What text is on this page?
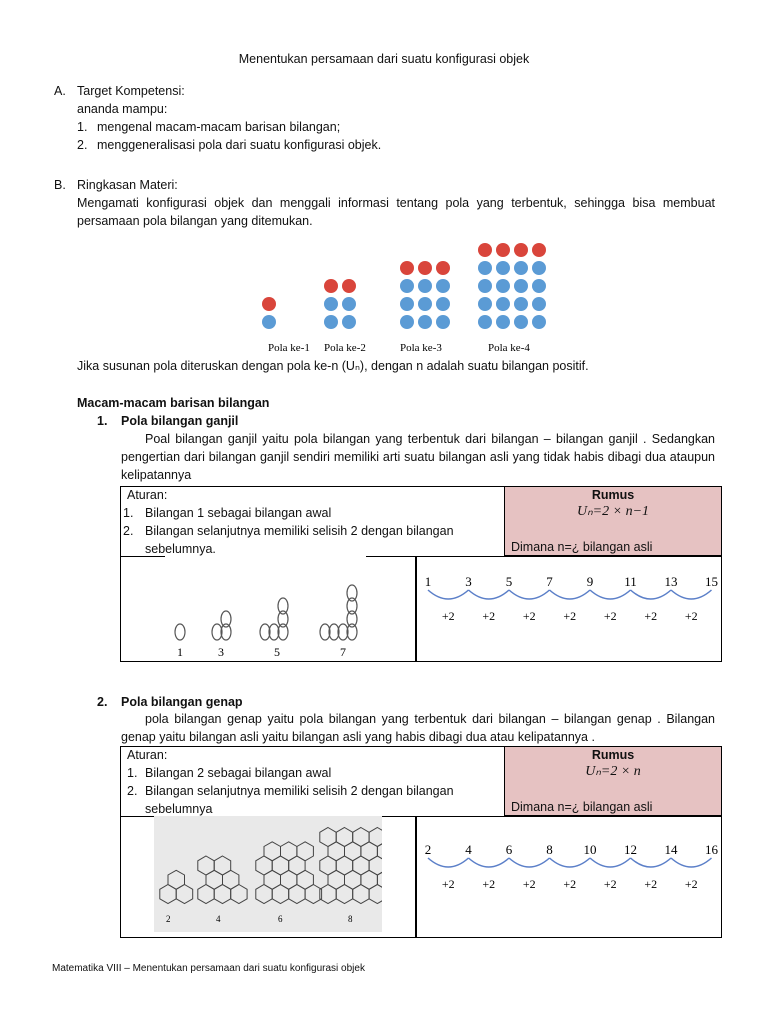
Menentukan persamaan dari suatu konfigurasi objek
A. Target Kompetensi:
ananda mampu:
1. mengenal macam-macam barisan bilangan;
2. menggeneralisasi pola dari suatu konfigurasi objek.
B. Ringkasan Materi:
Mengamati konfigurasi objek dan menggali informasi tentang pola yang terbentuk, sehingga bisa membuat persamaan pola bilangan yang ditemukan.
Pola ke-1 Pola ke-2	Pola ke-3	Pola ke-4
Jika susunan pola diteruskan dengan pola ke-n (Uₙ), dengan n adalah suatu bilangan positif.
Macam-macam barisan bilangan
1. Pola bilangan ganjil
Poal bilangan ganjil yaitu pola bilangan yang terbentuk dari bilangan – bilangan ganjil . Sedangkan pengertian dari bilangan ganjil sendiri memiliki arti suatu bilangan asli yang tidak habis dibagi dua ataupun kelipatannya
Aturan:
1. Bilangan 1 sebagai bilangan awal
2. Bilangan selanjutnya memiliki selisih 2 dengan bilangan sebelumnya.
Rumus
Uₙ=2 × n−1
Dimana n=¿ bilangan asli
1	3	5	7
1	3	5	7	9 11 13 15
+2 +2 +2 +2 +2 +2 +2
2. Pola bilangan genap
pola bilangan genap yaitu pola bilangan yang terbentuk dari bilangan – bilangan genap . Bilangan genap yaitu bilangan asli yaitu bilangan asli yang habis dibagi dua atau kelipatannya .
Aturan:
1. Bilangan 2 sebagai bilangan awal
2. Bilangan selanjutnya memiliki selisih 2 dengan bilangan sebelumnya
Rumus
Uₙ=2 × n
Dimana n=¿ bilangan asli
2	4	6	8
2	4	6	8 10 12 14 16
+2 +2 +2 +2 +2 +2 +2
Matematika VIII – Menentukan persamaan dari suatu konfigurasi objek
